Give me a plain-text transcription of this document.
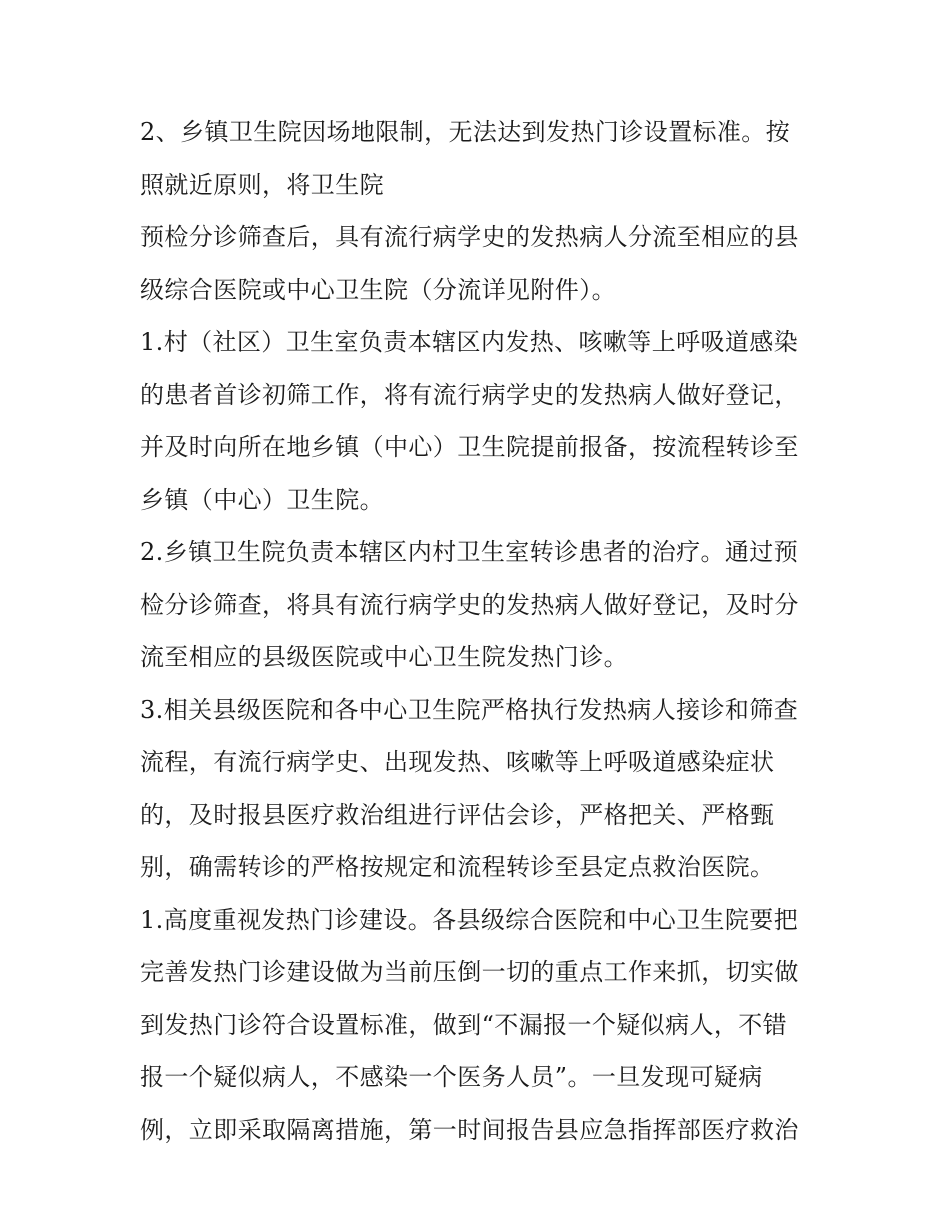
2、乡镇卫生院因场地限制，无法达到发热门诊设置标准。按
照就近原则，将卫生院
预检分诊筛查后，具有流行病学史的发热病人分流至相应的县
级综合医院或中心卫生院（分流详见附件）。
1.村（社区）卫生室负责本辖区内发热、咳嗽等上呼吸道感染
的患者首诊初筛工作，将有流行病学史的发热病人做好登记，
并及时向所在地乡镇（中心）卫生院提前报备，按流程转诊至
乡镇（中心）卫生院。
2.乡镇卫生院负责本辖区内村卫生室转诊患者的治疗。通过预
检分诊筛查，将具有流行病学史的发热病人做好登记，及时分
流至相应的县级医院或中心卫生院发热门诊。
3.相关县级医院和各中心卫生院严格执行发热病人接诊和筛查
流程，有流行病学史、出现发热、咳嗽等上呼吸道感染症状
的，及时报县医疗救治组进行评估会诊，严格把关、严格甄
别，确需转诊的严格按规定和流程转诊至县定点救治医院。
1.高度重视发热门诊建设。各县级综合医院和中心卫生院要把
完善发热门诊建设做为当前压倒一切的重点工作来抓，切实做
到发热门诊符合设置标准，做到“不漏报一个疑似病人，不错
报一个疑似病人，不感染一个医务人员”。一旦发现可疑病
例，立即采取隔离措施，第一时间报告县应急指挥部医疗救治
